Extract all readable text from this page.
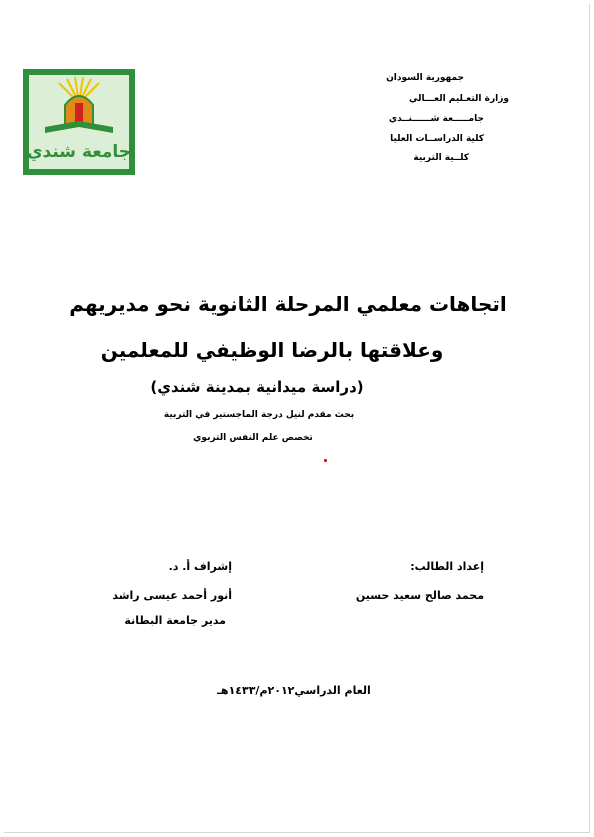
جامعة شندي
جمهورية السودان
وزارة التعـليم العـــالي
جامـــــعة شــــــنــدي
كلية الدراســات العليا
كلــية التربية
اتجاهات معلمي المرحلة الثانوية نحو مديريهم
وعلاقتها بالرضا الوظيفي للمعلمين
(دراسة ميدانية بمدينة شندي)
بحث مقدم لنيل درجة الماجستير في التربية
تخصص علم النفس التربوي
إعداد الطالب:
محمد صالح سعيد حسين
إشراف أ. د.
أنور أحمد عيسى راشد
مدير جامعة البطانة
العام الدراسي٢٠١٢م/١٤٣٣هـ
